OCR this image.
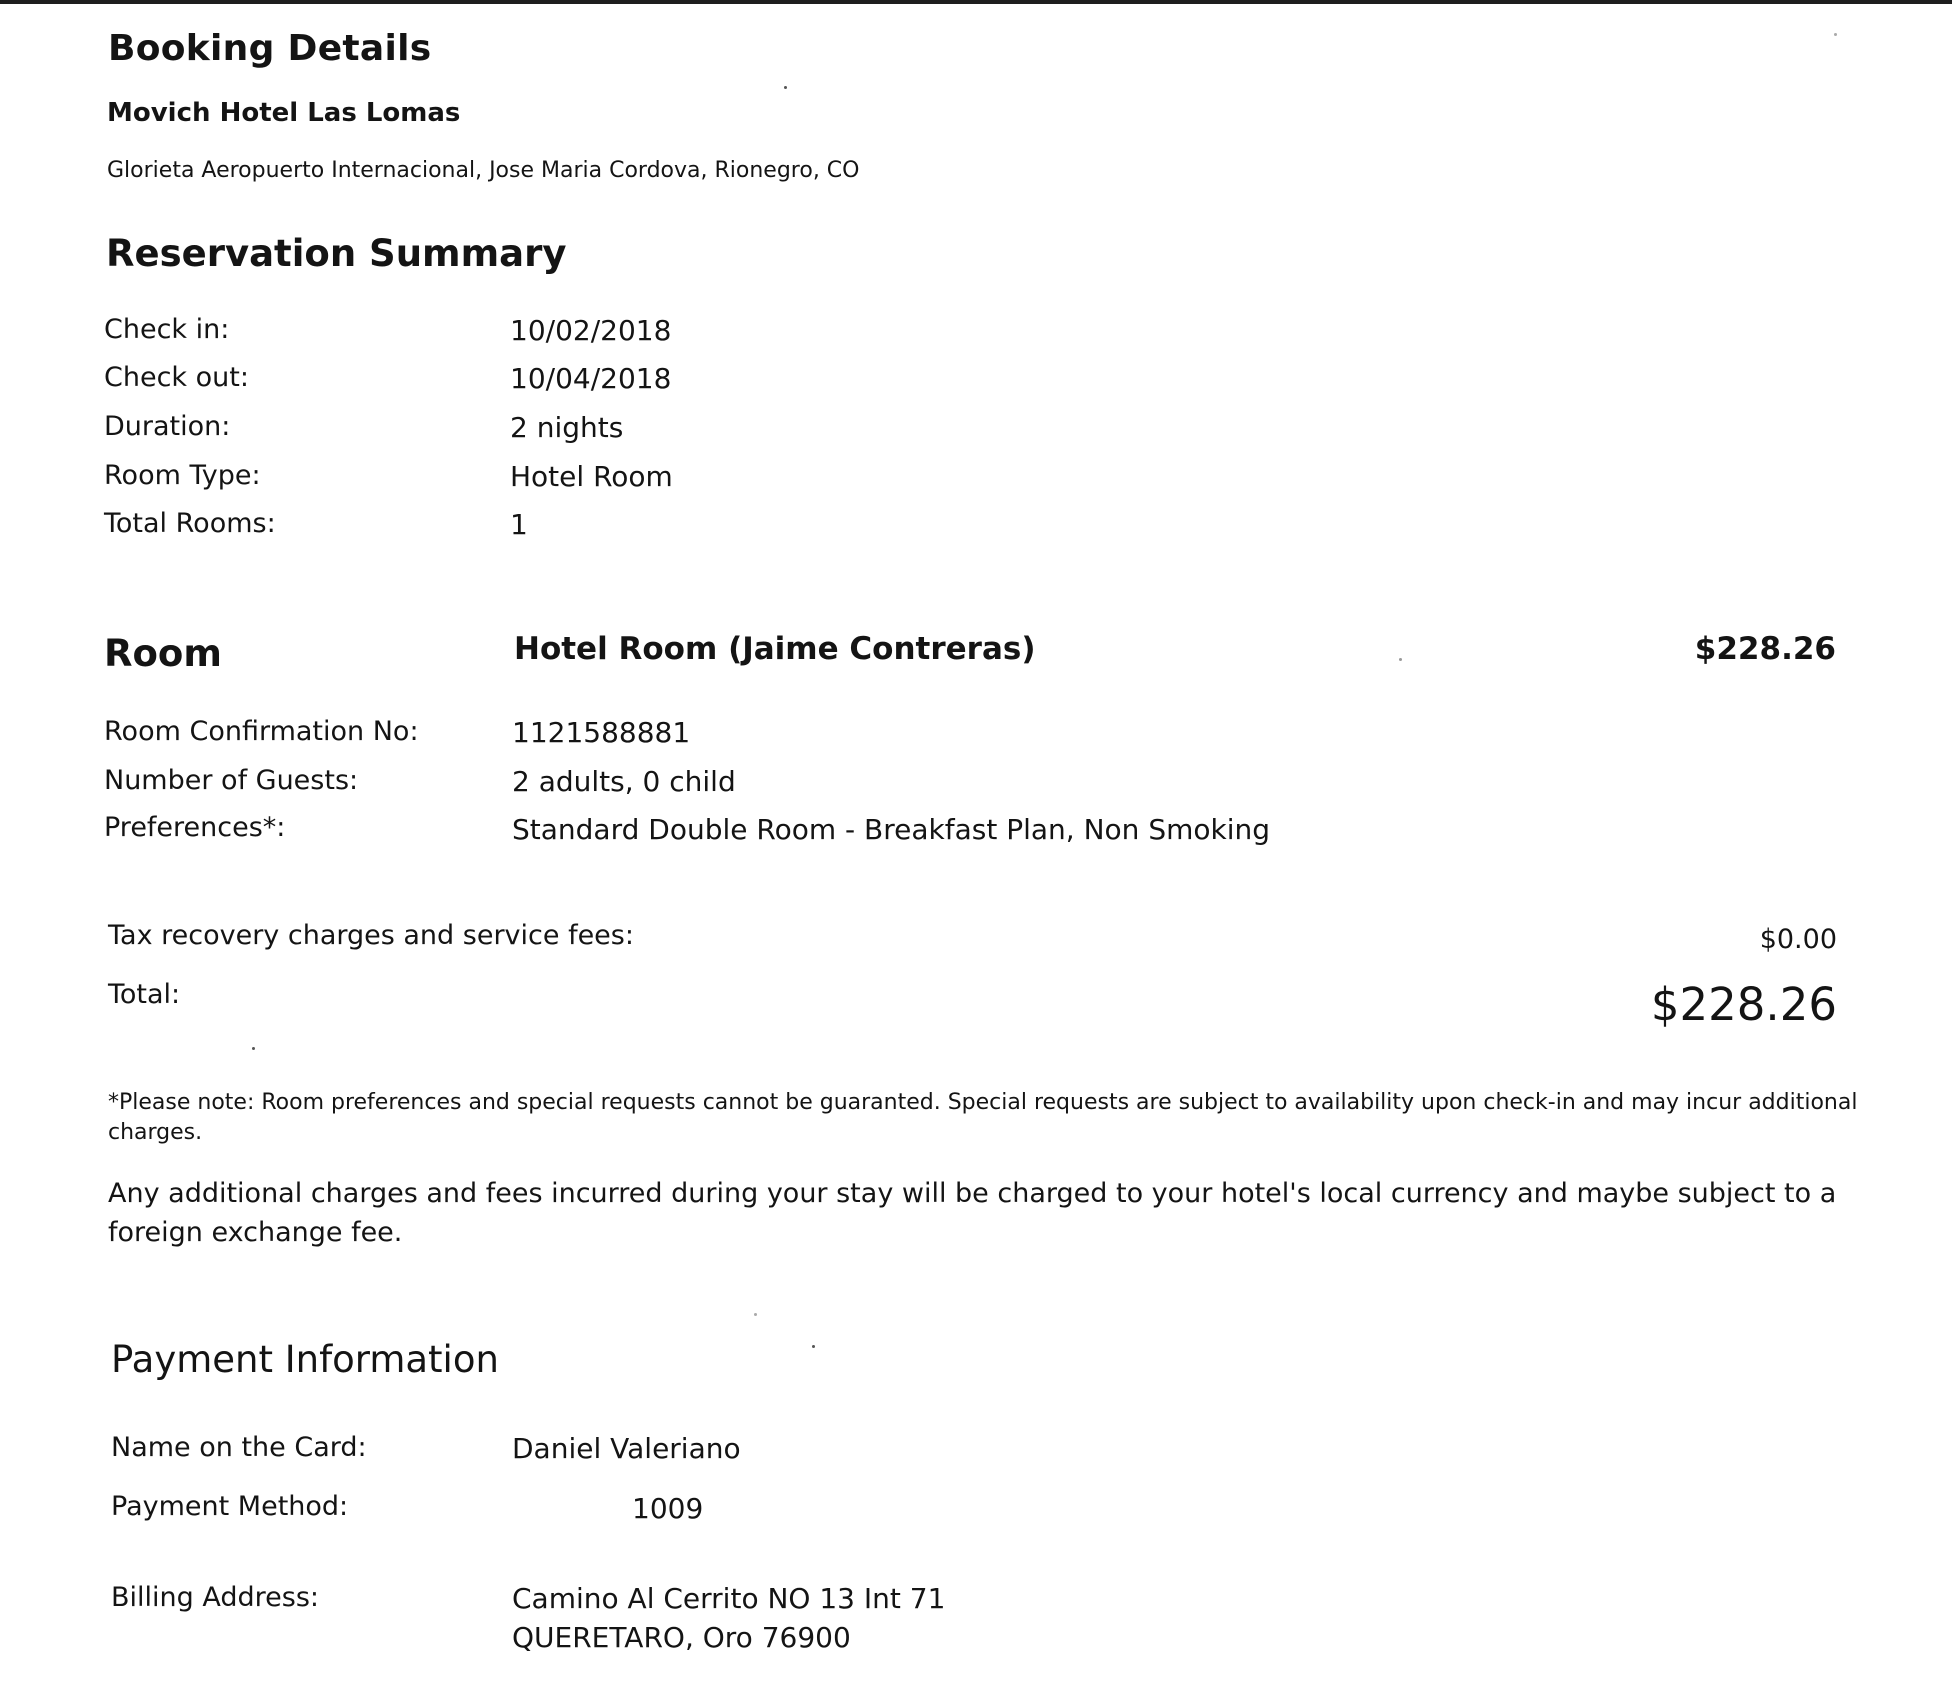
Booking Details
Movich Hotel Las Lomas
Glorieta Aeropuerto Internacional, Jose Maria Cordova, Rionegro, CO
Reservation Summary
Check in:	10/02/2018
Check out:	10/04/2018
Duration:	2 nights
Room Type:	Hotel Room
Total Rooms:	1
Room	Hotel Room (Jaime Contreras)	$228.26
Room Confirmation No:	1121588881
Number of Guests:	2 adults, 0 child
Preferences*:	Standard Double Room - Breakfast Plan, Non Smoking
Tax recovery charges and service fees:	$0.00
Total:	$228.26
*Please note: Room preferences and special requests cannot be guaranted. Special requests are subject to availability upon check-in and may incur additional charges.
Any additional charges and fees incurred during your stay will be charged to your hotel's local currency and maybe subject to a foreign exchange fee.
Payment Information
Name on the Card:	Daniel Valeriano
Payment Method:	1009
Billing Address:	Camino Al Cerrito NO 13 Int 71
QUERETARO, Oro 76900
